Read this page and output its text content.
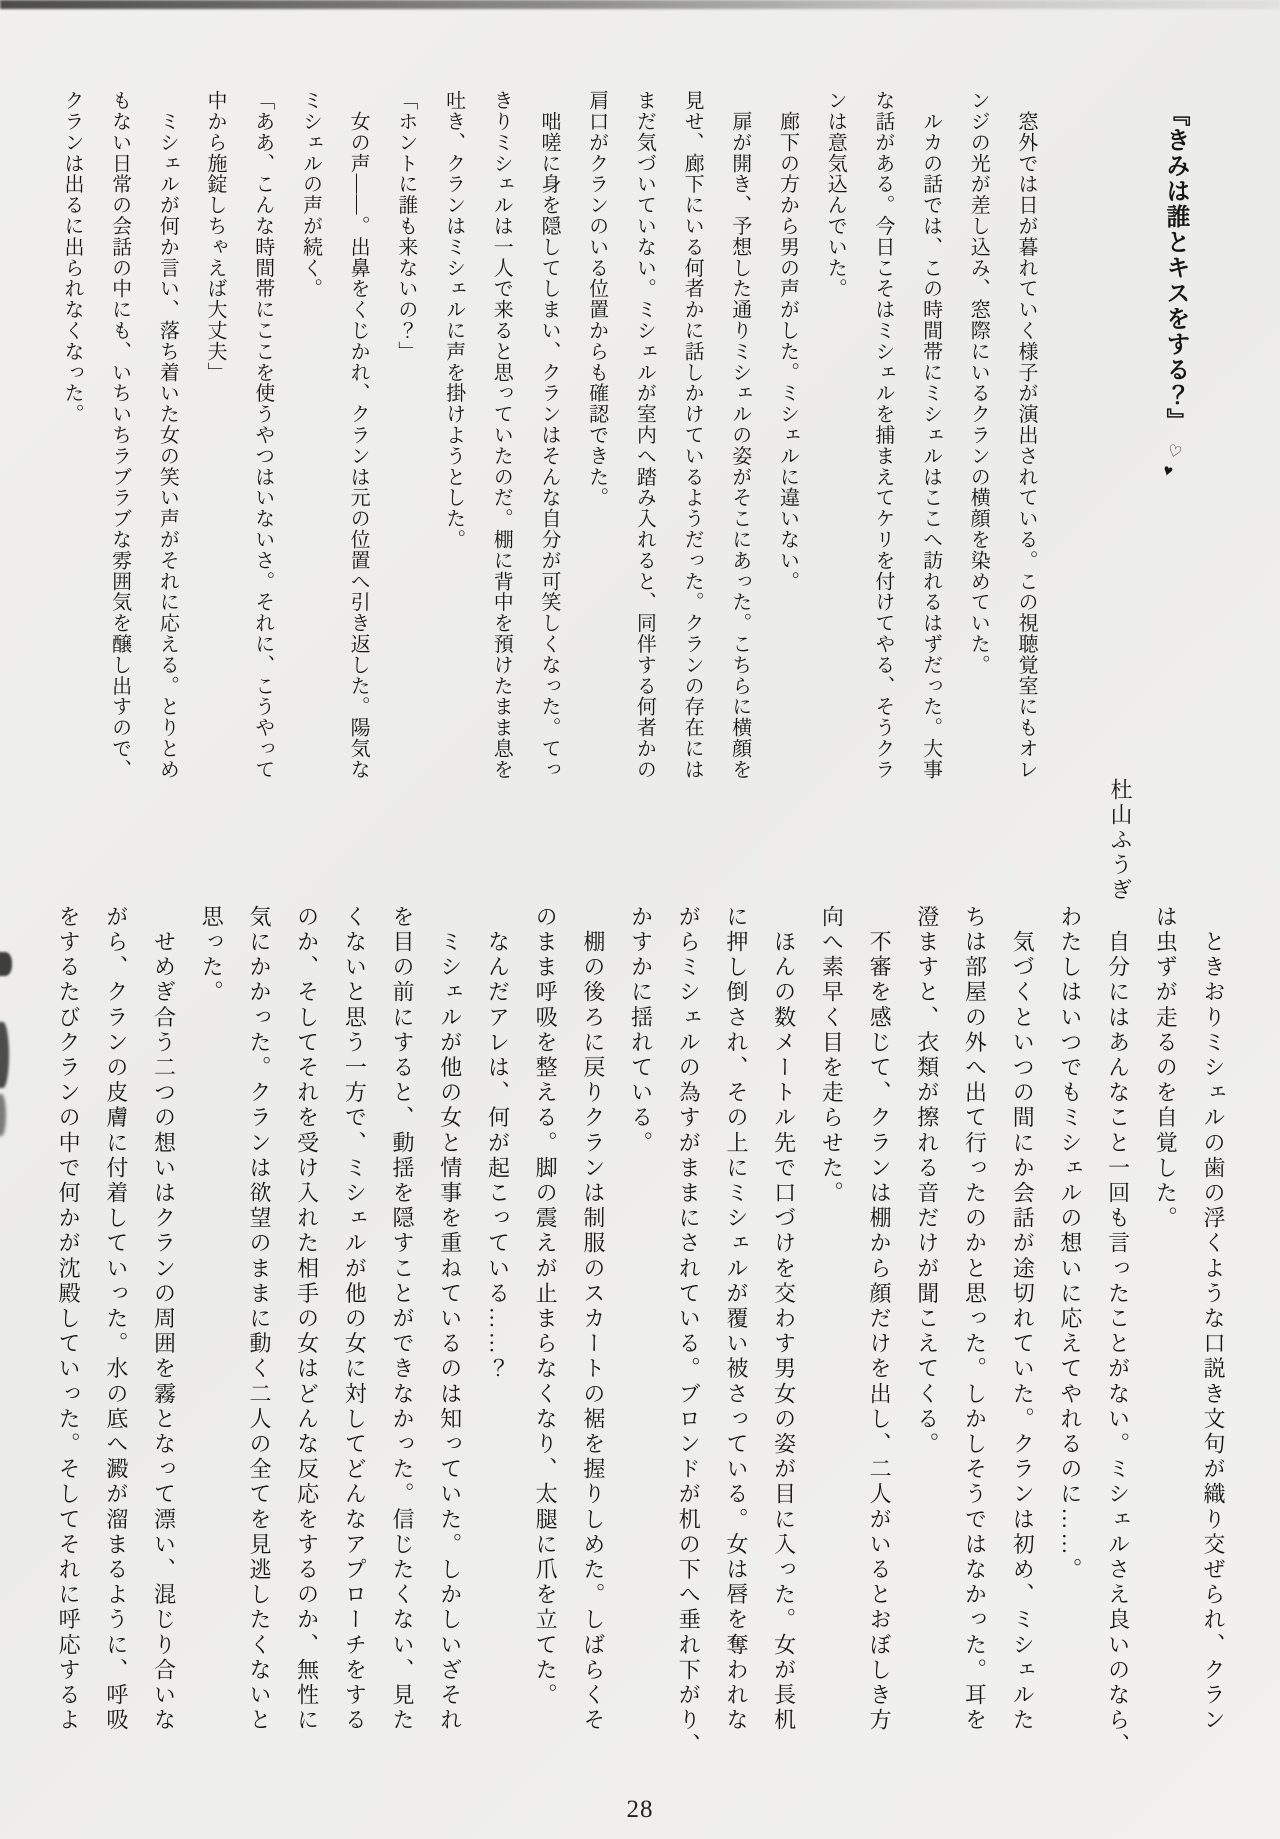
『きみは誰とキスをする？』♡♥
杜山ふうぎ
　窓外では日が暮れていく様子が演出されている。この視聴覚室にもオレ
ンジの光が差し込み、窓際にいるクランの横顔を染めていた。
　ルカの話では、この時間帯にミシェルはここへ訪れるはずだった。大事
な話がある。今日こそはミシェルを捕まえてケリを付けてやる、そうクラ
ンは意気込んでいた。
　廊下の方から男の声がした。ミシェルに違いない。
　扉が開き、予想した通りミシェルの姿がそこにあった。こちらに横顔を
見せ、廊下にいる何者かに話しかけているようだった。クランの存在には
まだ気づいていない。ミシェルが室内へ踏み入れると、同伴する何者かの
肩口がクランのいる位置からも確認できた。
　咄嗟に身を隠してしまい、クランはそんな自分が可笑しくなった。てっ
きりミシェルは一人で来ると思っていたのだ。棚に背中を預けたまま息を
吐き、クランはミシェルに声を掛けようとした。
「ホントに誰も来ないの？」
　女の声――。出鼻をくじかれ、クランは元の位置へ引き返した。陽気な
ミシェルの声が続く。
「ああ、こんな時間帯にここを使うやつはいないさ。それに、こうやって
中から施錠しちゃえば大丈夫」
　ミシェルが何か言い、落ち着いた女の笑い声がそれに応える。とりとめ
もない日常の会話の中にも、いちいちラブラブな雰囲気を醸し出すので、
クランは出るに出られなくなった。
　ときおりミシェルの歯の浮くような口説き文句が織り交ぜられ、クラン
は虫ずが走るのを自覚した。
　自分にはあんなこと一回も言ったことがない。ミシェルさえ良いのなら、
わたしはいつでもミシェルの想いに応えてやれるのに……。
　気づくといつの間にか会話が途切れていた。クランは初め、ミシェルた
ちは部屋の外へ出て行ったのかと思った。しかしそうではなかった。耳を
澄ますと、衣類が擦れる音だけが聞こえてくる。
　不審を感じて、クランは棚から顔だけを出し、二人がいるとおぼしき方
向へ素早く目を走らせた。
　ほんの数メートル先で口づけを交わす男女の姿が目に入った。女が長机
に押し倒され、その上にミシェルが覆い被さっている。女は唇を奪われな
がらミシェルの為すがままにされている。ブロンドが机の下へ垂れ下がり、
かすかに揺れている。
　棚の後ろに戻りクランは制服のスカートの裾を握りしめた。しばらくそ
のまま呼吸を整える。脚の震えが止まらなくなり、太腿に爪を立てた。
　なんだアレは、何が起こっている……？
　ミシェルが他の女と情事を重ねているのは知っていた。しかしいざそれ
を目の前にすると、動揺を隠すことができなかった。信じたくない、見た
くないと思う一方で、ミシェルが他の女に対してどんなアプローチをする
のか、そしてそれを受け入れた相手の女はどんな反応をするのか、無性に
気にかかった。クランは欲望のままに動く二人の全てを見逃したくないと
思った。
　せめぎ合う二つの想いはクランの周囲を霧となって漂い、混じり合いな
がら、クランの皮膚に付着していった。水の底へ澱が溜まるように、呼吸
をするたびクランの中で何かが沈殿していった。そしてそれに呼応するよ
28
